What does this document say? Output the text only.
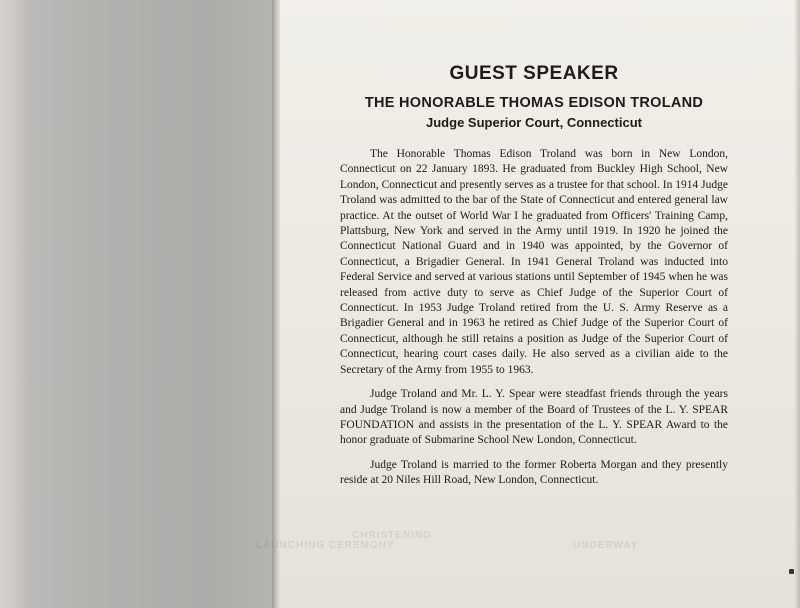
LAUNCHING CEREMONY
CHRISTENING
UNDERWAY
GUEST SPEAKER
THE HONORABLE THOMAS EDISON TROLAND
Judge Superior Court, Connecticut

The Honorable Thomas Edison Troland was born in New London, Connecticut on 22 January 1893. He graduated from Buckley High School, New London, Connecticut and presently serves as a trustee for that school. In 1914 Judge Troland was admitted to the bar of the State of Connecticut and entered general law practice. At the outset of World War I he graduated from Officers' Training Camp, Plattsburg, New York and served in the Army until 1919. In 1920 he joined the Connecticut National Guard and in 1940 was appointed, by the Governor of Connecticut, a Brigadier General. In 1941 General Troland was inducted into Federal Service and served at various stations until September of 1945 when he was released from active duty to serve as Chief Judge of the Superior Court of Connecticut. In 1953 Judge Troland retired from the U. S. Army Reserve as a Brigadier General and in 1963 he retired as Chief Judge of the Superior Court of Connecticut, although he still retains a position as Judge of the Superior Court of Connecticut, hearing court cases daily. He also served as a civilian aide to the Secretary of the Army from 1955 to 1963.

Judge Troland and Mr. L. Y. Spear were steadfast friends through the years and Judge Troland is now a member of the Board of Trustees of the L. Y. SPEAR FOUNDATION and assists in the presentation of the L. Y. SPEAR Award to the honor graduate of Submarine School New London, Connecticut.

Judge Troland is married to the former Roberta Morgan and they presently reside at 20 Niles Hill Road, New London, Connecticut.
